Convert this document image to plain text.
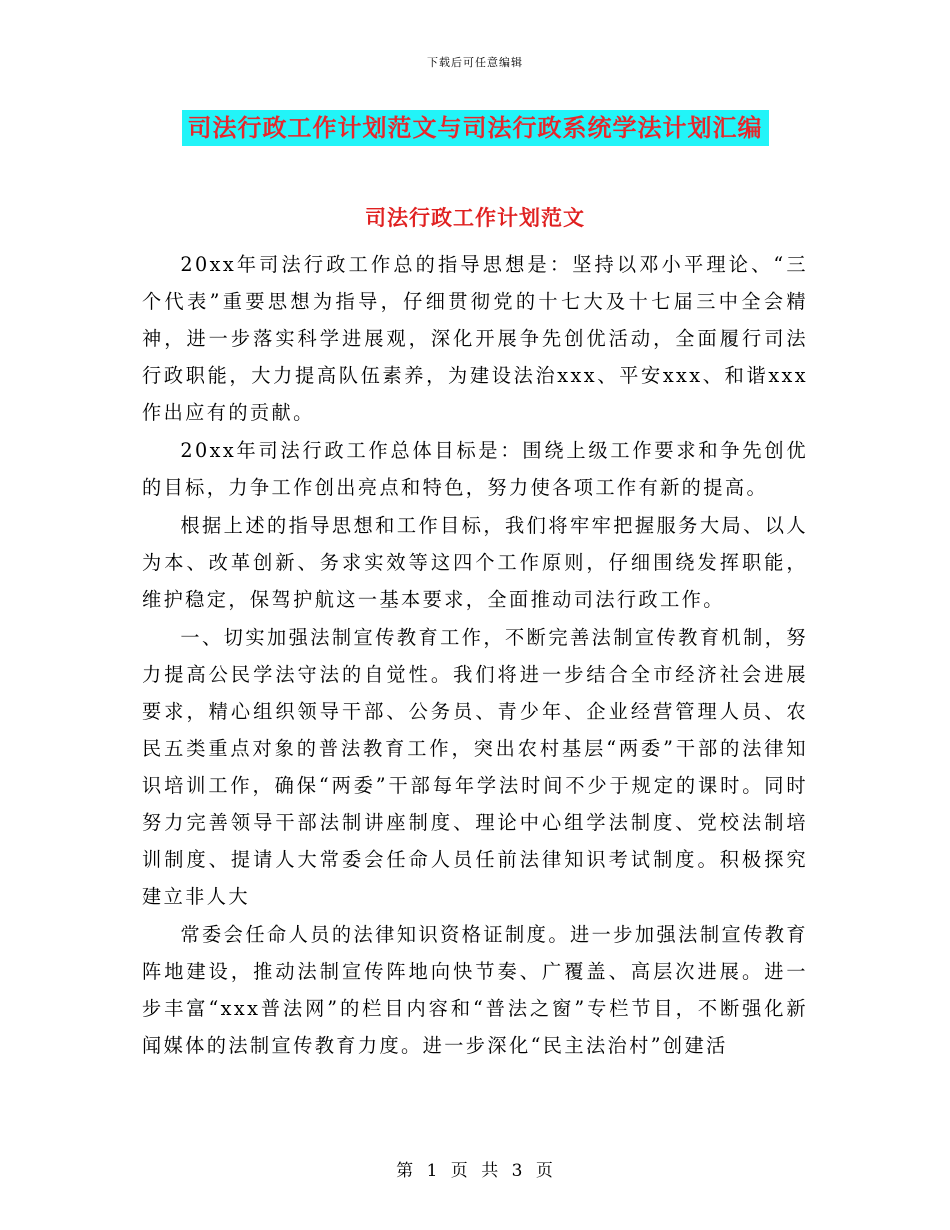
下载后可任意编辑
司法行政工作计划范文与司法行政系统学法计划汇编
司法行政工作计划范文

20xx年司法行政工作总的指导思想是：坚持以邓小平理论、“三个代表”重要思想为指导，仔细贯彻党的十七大及十七届三中全会精神，进一步落实科学进展观，深化开展争先创优活动，全面履行司法行政职能，大力提高队伍素养，为建设法治xxx、平安xxx、和谐xxx作出应有的贡献。

20xx年司法行政工作总体目标是：围绕上级工作要求和争先创优的目标，力争工作创出亮点和特色，努力使各项工作有新的提高。

根据上述的指导思想和工作目标，我们将牢牢把握服务大局、以人为本、改革创新、务求实效等这四个工作原则，仔细围绕发挥职能，维护稳定，保驾护航这一基本要求，全面推动司法行政工作。

一、切实加强法制宣传教育工作，不断完善法制宣传教育机制，努力提高公民学法守法的自觉性。我们将进一步结合全市经济社会进展要求，精心组织领导干部、公务员、青少年、企业经营管理人员、农民五类重点对象的普法教育工作，突出农村基层“两委”干部的法律知识培训工作，确保“两委”干部每年学法时间不少于规定的课时。同时努力完善领导干部法制讲座制度、理论中心组学法制度、党校法制培训制度、提请人大常委会任命人员任前法律知识考试制度。积极探究建立非人大

常委会任命人员的法律知识资格证制度。进一步加强法制宣传教育阵地建设，推动法制宣传阵地向快节奏、广覆盖、高层次进展。进一步丰富“xxx普法网”的栏目内容和“普法之窗”专栏节目，不断强化新闻媒体的法制宣传教育力度。进一步深化“民主法治村”创建活

第 1 页 共 3 页
